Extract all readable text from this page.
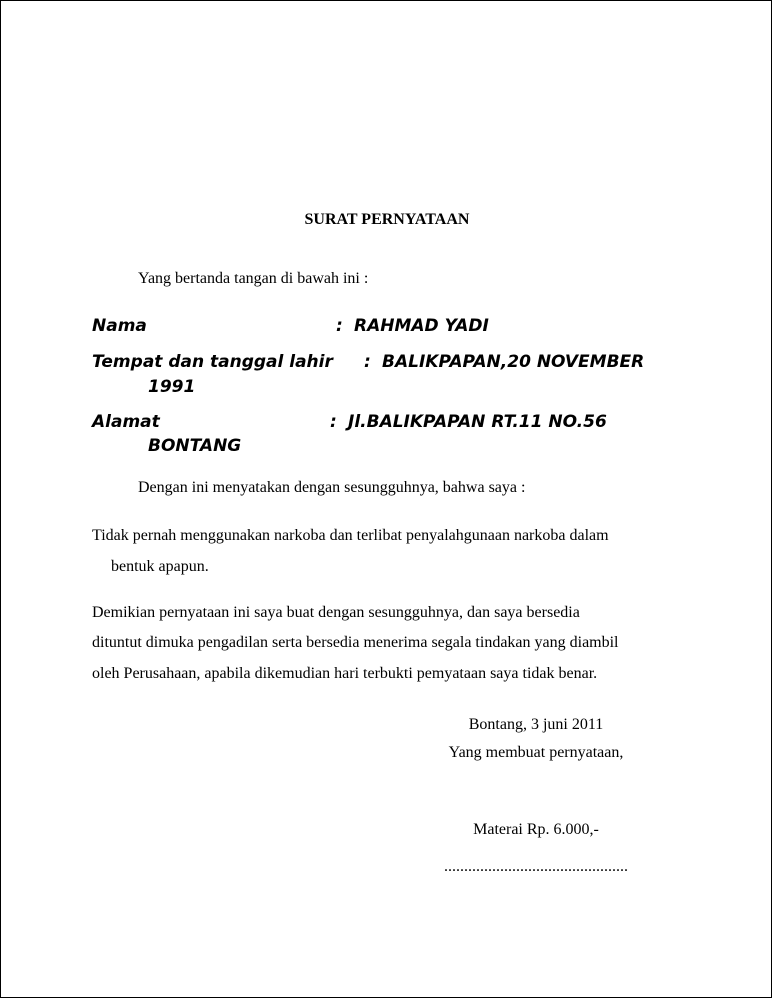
SURAT PERNYATAAN
Yang bertanda tangan di bawah ini :
Nama	: RAHMAD YADI
Tempat dan tanggal lahir : BALIKPAPAN,20 NOVEMBER
1991
Alamat	: Jl.BALIKPAPAN RT.11 NO.56
BONTANG
Dengan ini menyatakan dengan sesungguhnya, bahwa saya :
Tidak pernah menggunakan narkoba dan terlibat penyalahgunaan narkoba dalam
bentuk apapun.
Demikian pernyataan ini saya buat dengan sesungguhnya, dan saya bersedia
dituntut dimuka pengadilan serta bersedia menerima segala tindakan yang diambil
oleh Perusahaan, apabila dikemudian hari terbukti pemyataan saya tidak benar.
Bontang, 3 juni 2011
Yang membuat pernyataan,
Materai Rp. 6.000,-
..............................................
